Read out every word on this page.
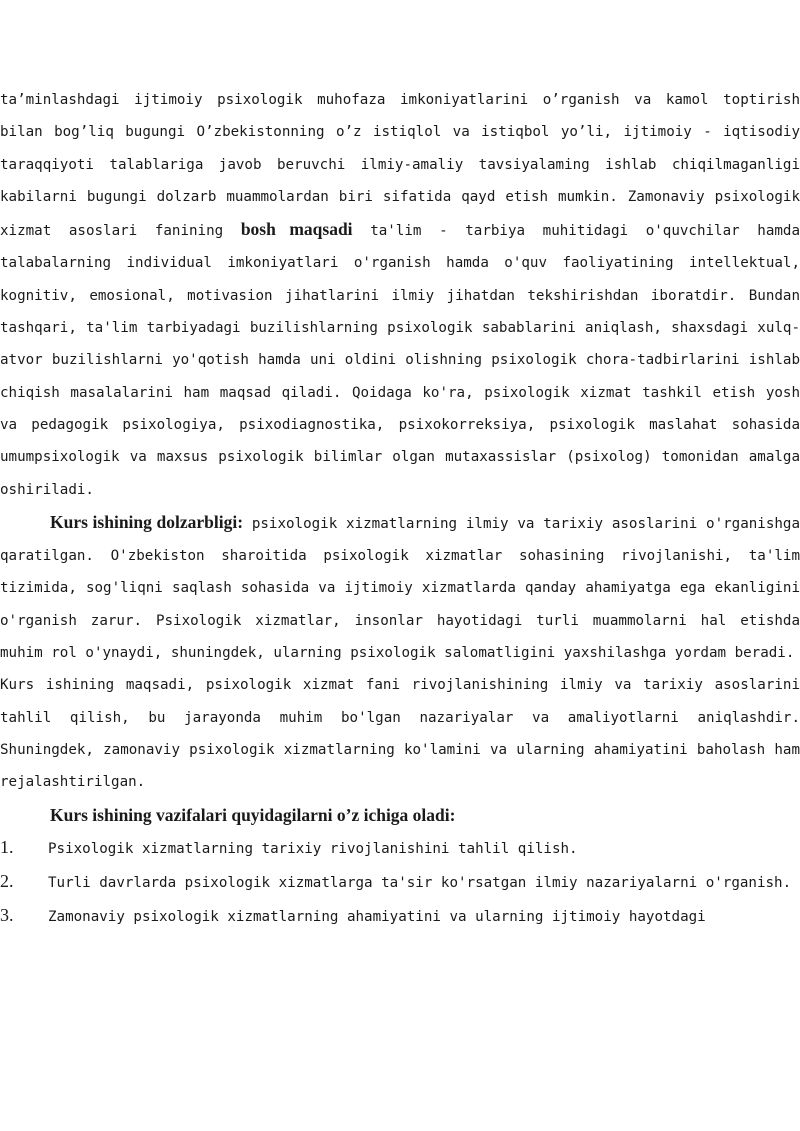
ta’minlashdagi ijtimoiy psixologik muhofaza imkoniyatlarini o’rganish va kamol toptirish bilan bog’liq bugungi O’zbekistonning o’z istiqlol va istiqbol yo’li, ijtimoiy - iqtisodiy taraqqiyoti talablariga javob beruvchi ilmiy-amaliy tavsiyalaming ishlab chiqilmaganligi kabilarni bugungi dolzarb muammolardan biri sifatida qayd etish mumkin. Zamonaviy psixologik xizmat asoslari fanining bosh maqsadi ta'lim - tarbiya muhitidagi o'quvchilar hamda talabalarning individual imkoniyatlari o'rganish hamda o'quv faoliyatining intellektual, kognitiv, emosional, motivasion jihatlarini ilmiy jihatdan tekshirishdan iboratdir. Bundan tashqari, ta'lim tarbiyadagi buzilishlarning psixologik sabablarini aniqlash, shaxsdagi xulq-atvor buzilishlarni yo'qotish hamda uni oldini olishning psixologik chora-tadbirlarini ishlab chiqish masalalarini ham maqsad qiladi. Qoidaga ko'ra, psixologik xizmat tashkil etish yosh va pedagogik psixologiya, psixodiagnostika, psixokorreksiya, psixologik maslahat sohasida umumpsixologik va maxsus psixologik bilimlar olgan mutaxassislar (psixolog) tomonidan amalga oshiriladi.

Kurs ishining dolzarbligi: psixologik xizmatlarning ilmiy va tarixiy asoslarini o'rganishga qaratilgan. O'zbekiston sharoitida psixologik xizmatlar sohasining rivojlanishi, ta'lim tizimida, sog'liqni saqlash sohasida va ijtimoiy xizmatlarda qanday ahamiyatga ega ekanligini o'rganish zarur. Psixologik xizmatlar, insonlar hayotidagi turli muammolarni hal etishda muhim rol o'ynaydi, shuningdek, ularning psixologik salomatligini yaxshilashga yordam beradi.

Kurs ishining maqsadi, psixologik xizmat fani rivojlanishining ilmiy va tarixiy asoslarini tahlil qilish, bu jarayonda muhim bo'lgan nazariyalar va amaliyotlarni aniqlashdir. Shuningdek, zamonaviy psixologik xizmatlarning ko'lamini va ularning ahamiyatini baholash ham rejalashtirilgan.

Kurs ishining vazifalari quyidagilarni o’z ichiga oladi:

1. Psixologik xizmatlarning tarixiy rivojlanishini tahlil qilish.

2. Turli davrlarda psixologik xizmatlarga ta'sir ko'rsatgan ilmiy nazariyalarni o'rganish.

3. Zamonaviy psixologik xizmatlarning ahamiyatini va ularning ijtimoiy hayotdagi
